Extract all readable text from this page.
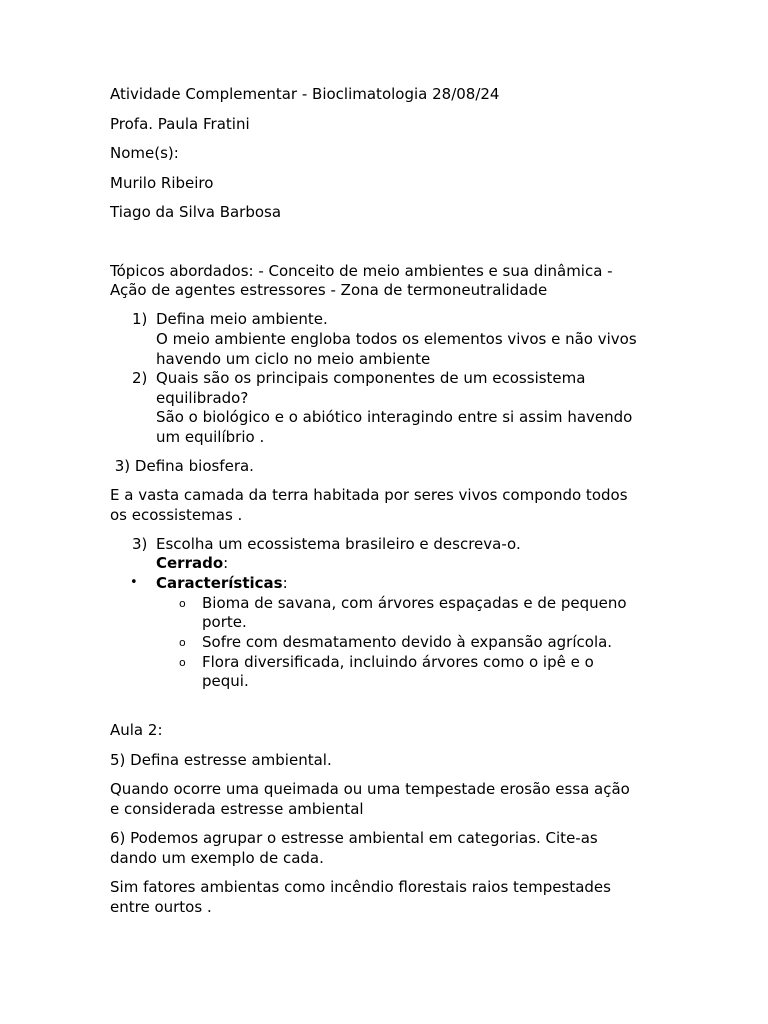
Atividade Complementar - Bioclimatologia 28/08/24

Profa. Paula Fratini

Nome(s):

Murilo Ribeiro

Tiago da Silva Barbosa

Tópicos abordados: - Conceito de meio ambientes e sua dinâmica -

Ação de agentes estressores - Zona de termoneutralidade

1) Defina meio ambiente.
O meio ambiente engloba todos os elementos vivos e não vivos
havendo um ciclo no meio ambiente
2) Quais são os principais componentes de um ecossistema
equilibrado?
São o biológico e o abiótico interagindo entre si assim havendo
um equilíbrio .

3) Defina biosfera.

E a vasta camada da terra habitada por seres vivos compondo todos

os ecossistemas .

3) Escolha um ecossistema brasileiro e descreva-o.
Cerrado:
• Características:
o Bioma de savana, com árvores espaçadas e de pequeno
porte.
o Sofre com desmatamento devido à expansão agrícola.
o Flora diversificada, incluindo árvores como o ipê e o
pequi.

Aula 2:

5) Defina estresse ambiental.

Quando ocorre uma queimada ou uma tempestade erosão essa ação

e considerada estresse ambiental

6) Podemos agrupar o estresse ambiental em categorias. Cite-as

dando um exemplo de cada.

Sim fatores ambientas como incêndio florestais raios tempestades

entre ourtos .
